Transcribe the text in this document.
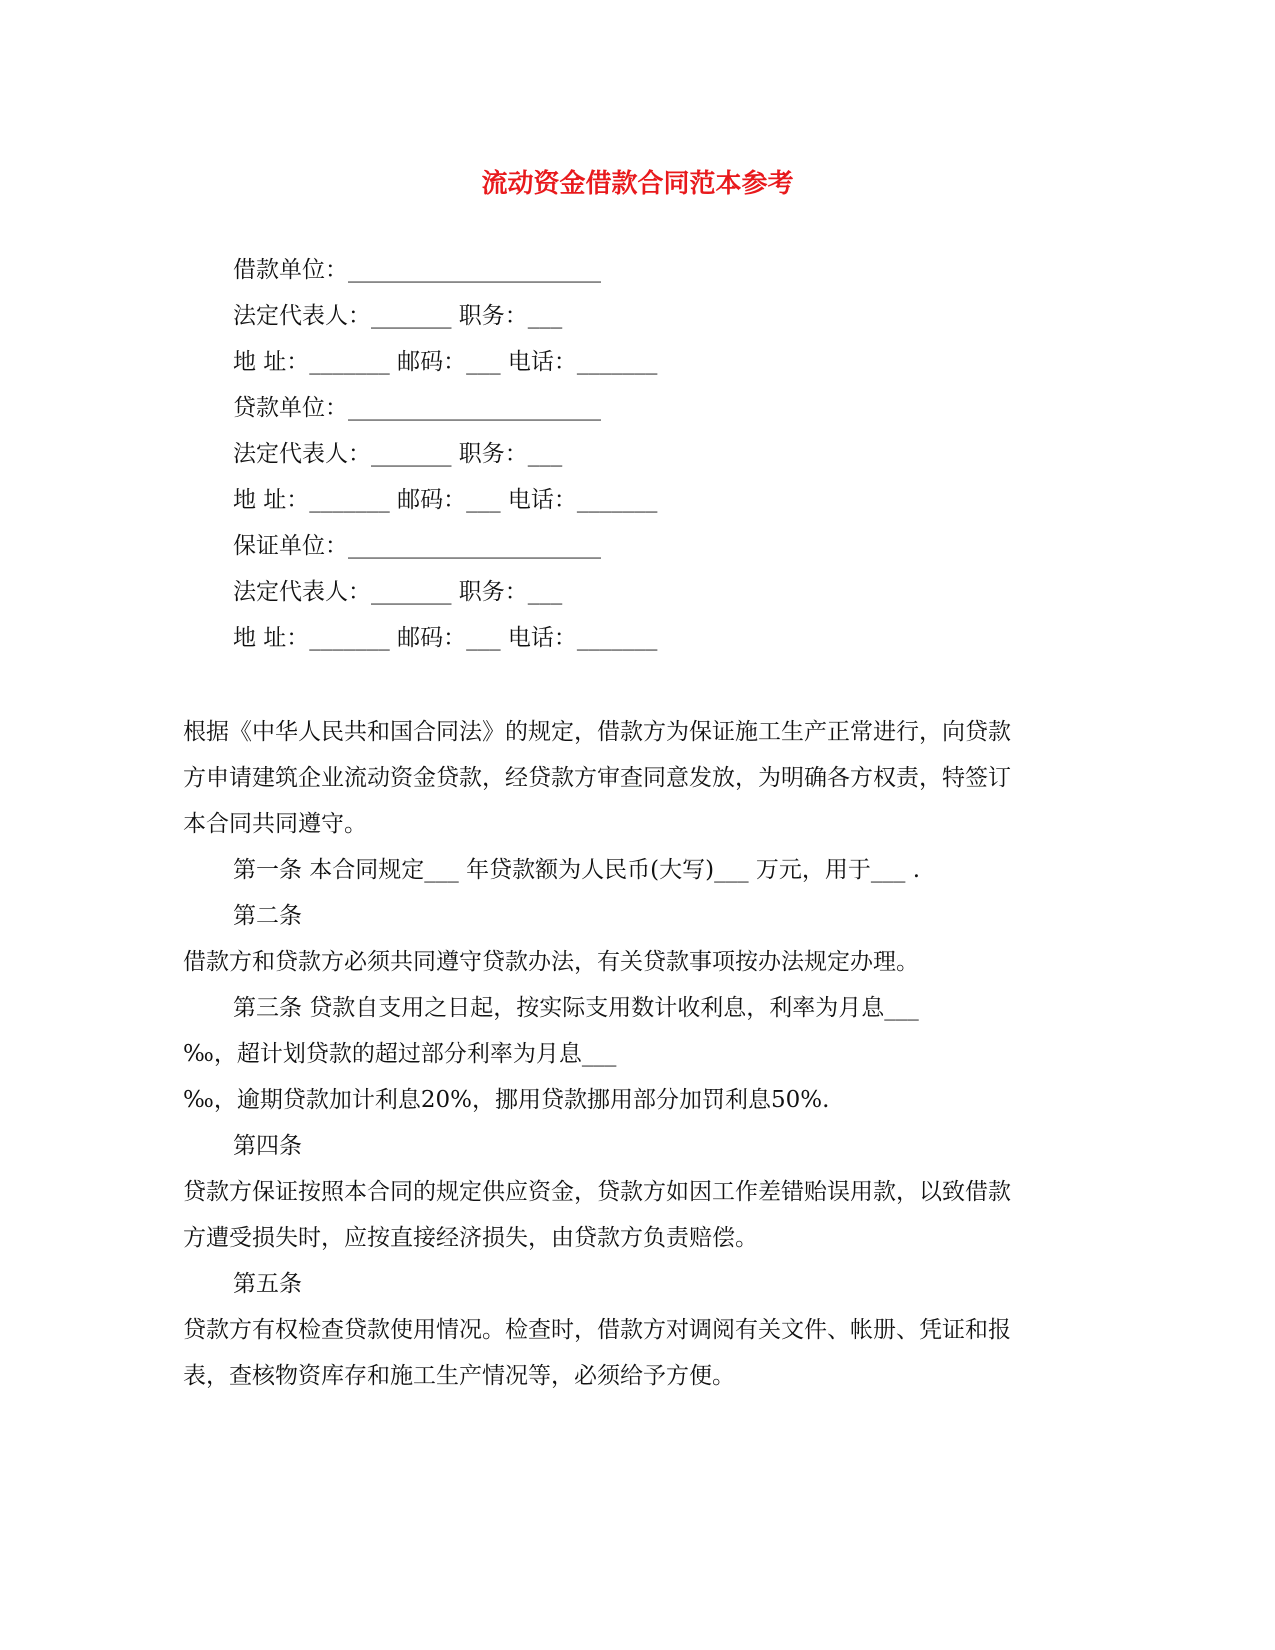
流动资金借款合同范本参考
借款单位：______________________
法定代表人：_______ 职务：___
地 址：_______ 邮码：___ 电话：_______
贷款单位：______________________
法定代表人：_______ 职务：___
地 址：_______ 邮码：___ 电话：_______
保证单位：______________________
法定代表人：_______ 职务：___
地 址：_______ 邮码：___ 电话：_______
根据《中华人民共和国合同法》的规定，借款方为保证施工生产正常进行，向贷款
方申请建筑企业流动资金贷款，经贷款方审查同意发放，为明确各方权责，特签订
本合同共同遵守。
第一条 本合同规定___ 年贷款额为人民币(大写)___ 万元，用于___ .
第二条
借款方和贷款方必须共同遵守贷款办法，有关贷款事项按办法规定办理。
第三条 贷款自支用之日起，按实际支用数计收利息，利率为月息___
‰，超计划贷款的超过部分利率为月息___
‰，逾期贷款加计利息20%，挪用贷款挪用部分加罚利息50%.
第四条
贷款方保证按照本合同的规定供应资金，贷款方如因工作差错贻误用款，以致借款
方遭受损失时，应按直接经济损失，由贷款方负责赔偿。
第五条
贷款方有权检查贷款使用情况。检查时，借款方对调阅有关文件、帐册、凭证和报
表，查核物资库存和施工生产情况等，必须给予方便。
